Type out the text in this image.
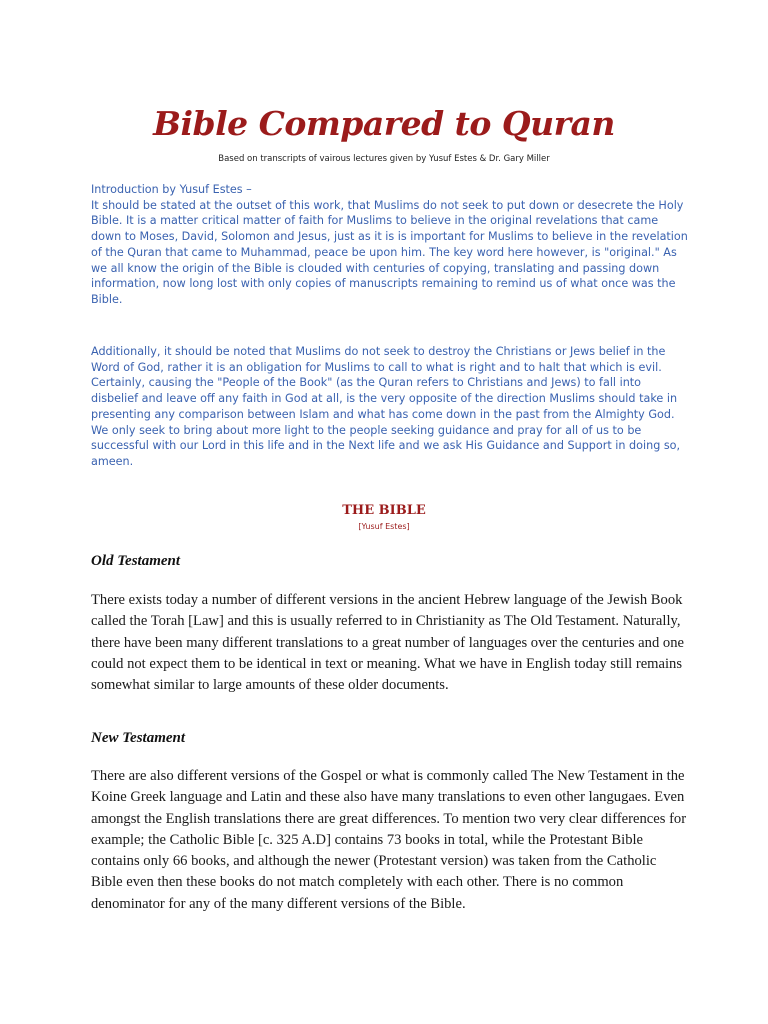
Bible Compared to Quran

Based on transcripts of vairous lectures given by Yusuf Estes & Dr. Gary Miller

Introduction by Yusuf Estes –
It should be stated at the outset of this work, that Muslims do not seek to put down or desecrete the Holy Bible. It is a matter critical matter of faith for Muslims to believe in the original revelations that came down to Moses, David, Solomon and Jesus, just as it is is important for Muslims to believe in the revelation of the Quran that came to Muhammad, peace be upon him. The key word here however, is "original." As we all know the origin of the Bible is clouded with centuries of copying, translating and passing down information, now long lost with only copies of manuscripts remaining to remind us of what once was the Bible.

Additionally, it should be noted that Muslims do not seek to destroy the Christians or Jews belief in the Word of God, rather it is an obligation for Muslims to call to what is right and to halt that which is evil. Certainly, causing the "People of the Book" (as the Quran refers to Christians and Jews) to fall into disbelief and leave off any faith in God at all, is the very opposite of the direction Muslims should take in presenting any comparison between Islam and what has come down in the past from the Almighty God. We only seek to bring about more light to the people seeking guidance and pray for all of us to be successful with our Lord in this life and in the Next life and we ask His Guidance and Support in doing so, ameen.

THE BIBLE

[Yusuf Estes]

Old Testament

There exists today a number of different versions in the ancient Hebrew language of the Jewish Book called the Torah [Law] and this is usually referred to in Christianity as The Old Testament. Naturally, there have been many different translations to a great number of languages over the centuries and one could not expect them to be identical in text or meaning. What we have in English today still remains somewhat similar to large amounts of these older documents.

New Testament

There are also different versions of the Gospel or what is commonly called The New Testament in the Koine Greek language and Latin and these also have many translations to even other langugaes. Even amongst the English translations there are great differences. To mention two very clear differences for example; the Catholic Bible [c. 325 A.D] contains 73 books in total, while the Protestant Bible contains only 66 books, and although the newer (Protestant version) was taken from the Catholic Bible even then these books do not match completely with each other. There is no common denominator for any of the many different versions of the Bible.
